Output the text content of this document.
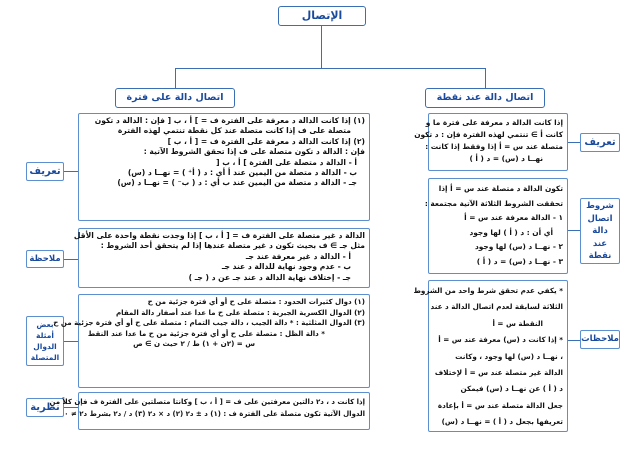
الإتصال
اتصال دالة على فترة	اتصال دالة عند نقطة
تعريف
ملاحظة
بعض
أمثلة
الدوال
المتصلة
نظرية

(١) إذا كانت الدالة د معرفة على الفترة ف = ] أ ، ب [ فإن : الدالة د تكون

متصلة على ف إذا كانت متصلة عند كل نقطة تنتمي لهذه الفترة

(٢) إذا كانت الدالة د معرفة على الفترة ف = [ أ ، ب ]

فإن : الدالة د تكون متصلة على ف إذا تحقق الشروط الآتية :

أ - الدالة د متصلة على الفترة ] أ ، ب [

ب - الدالة د متصلة من اليمين عند أ أي : د ( أ⁺ ) = نهــا د (س)

جـ - الدالة د متصلة من اليمين عند ب أي : د ( ب⁻ ) = نهــا د (س)

الدالة د غير متصلة على الفترة ف = [ أ ، ب ] إذا وجدت نقطة واحدة على الأقل

مثل جـ ∋ ف بحيث تكون د غير متصلة عندها إذا لم يتحقق أحد الشروط :

أ - الدالة د غير معرفة عند جـ

ب - عدم وجود نهاية للدالة د عند جـ

جـ - إختلاف نهاية الدالة د عند جـ عن د ( جـ )

(١) دوال كثيرات الحدود : متصلة على ح أو أي فترة جزئية من ح

(٢) الدوال الكسرية الجبرية : متصلة على ح ما عدا عند أصفار دالة المقام

(٣) الدوال المثلثية : * دالة الجيب ، دالة جيب التمام : متصلة على ح أو أي فترة جزئية من ح

* دالة الظل : متصلة على ح أو أي فترة جزئية من ح ما عدا عند النقط

س = (٢ن + ١) ط / ٢ حيث ن ∋ ص

إذا كانت د ، د٢ دالتين معرفتين على ف = [ أ ، ب ] وكانتا متصلتين على الفترة ف فإن كلاً من

الدوال الآتية تكون متصلة على الفترة ف : (١) د ± د٢ (٢) د × د٢ (٣) د / د٢ بشرط د٢ ≠ ٠

إذا كانت الدالة د معرفة على فترة ما و

كانت أ ∋ تنتمي لهذه الفترة فإن : د تكون

متصلة عند س = أ إذا وفقط إذا كانت :

نهــا د (س) = د ( أ )

تكون الدالة د متصلة عند س = أ إذا

تحققت الشروط الثلاثة الآتية مجتمعة :

١ - الدالة معرفة عند س = أ

أي أن : د ( أ ) لها وجود

٢ - نهــا د (س) لها وجود

٣ - نهــا د (س) = د ( أ )

* يكفي عدم تحقق شرط واحد من الشروط

الثلاثة لسابقة لعدم اتصال الدالة د عند

النقطة س = أ

* إذا كانت د (س) معرفة عند س = أ

، نهــا د (س) لها وجود ، وكانت

الدالة غير متصلة عند س = أ لإختلاف

د ( أ ) عن نهــا د (س) فيمكن

جعل الدالة متصلة عند س = أ بإعادة

تعريفها بجعل د ( أ ) = نهــا د (س)

تعريف
شروط
اتصال
دالة
عند
نقطة
ملاحظات
